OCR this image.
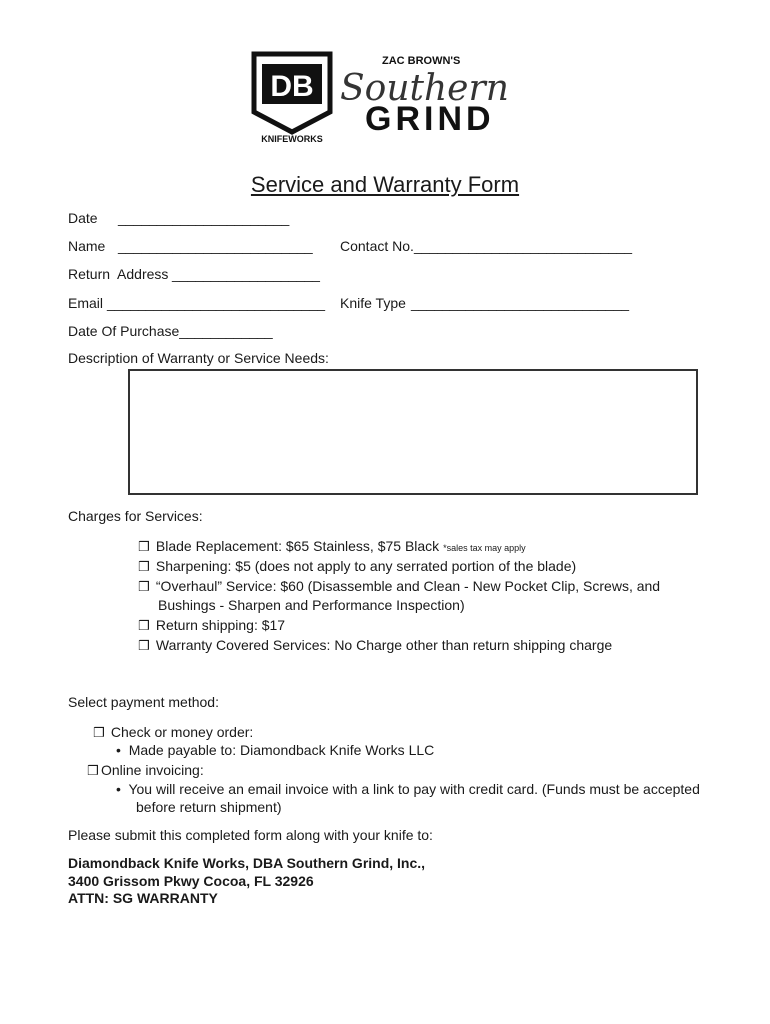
DB
KNIFEWORKS
ZAC BROWN'S
Southern
GRIND
Service and Warranty Form
Date ______________________
Name _________________________ Contact No. ____________________________
Return  Address ___________________
Email ____________________________ Knife Type ____________________________
Date Of Purchase____________
Description of Warranty or Service Needs:
Charges for Services:
❒ Blade Replacement: $65 Stainless, $75 Black *sales tax may apply
❒ Sharpening: $5 (does not apply to any serrated portion of the blade)
❒ “Overhaul” Service: $60 (Disassemble and Clean - New Pocket Clip, Screws, and
Bushings - Sharpen and Performance Inspection)
❒ Return shipping: $17
❒ Warranty Covered Services: No Charge other than return shipping charge
Select payment method:
❒ Check or money order:
• Made payable to: Diamondback Knife Works LLC
❒ Online invoicing:
• You will receive an email invoice with a link to pay with credit card. (Funds must be accepted
before return shipment)
Please submit this completed form along with your knife to:
Diamondback Knife Works, DBA Southern Grind, Inc.,
3400 Grissom Pkwy Cocoa, FL 32926
ATTN: SG WARRANTY
